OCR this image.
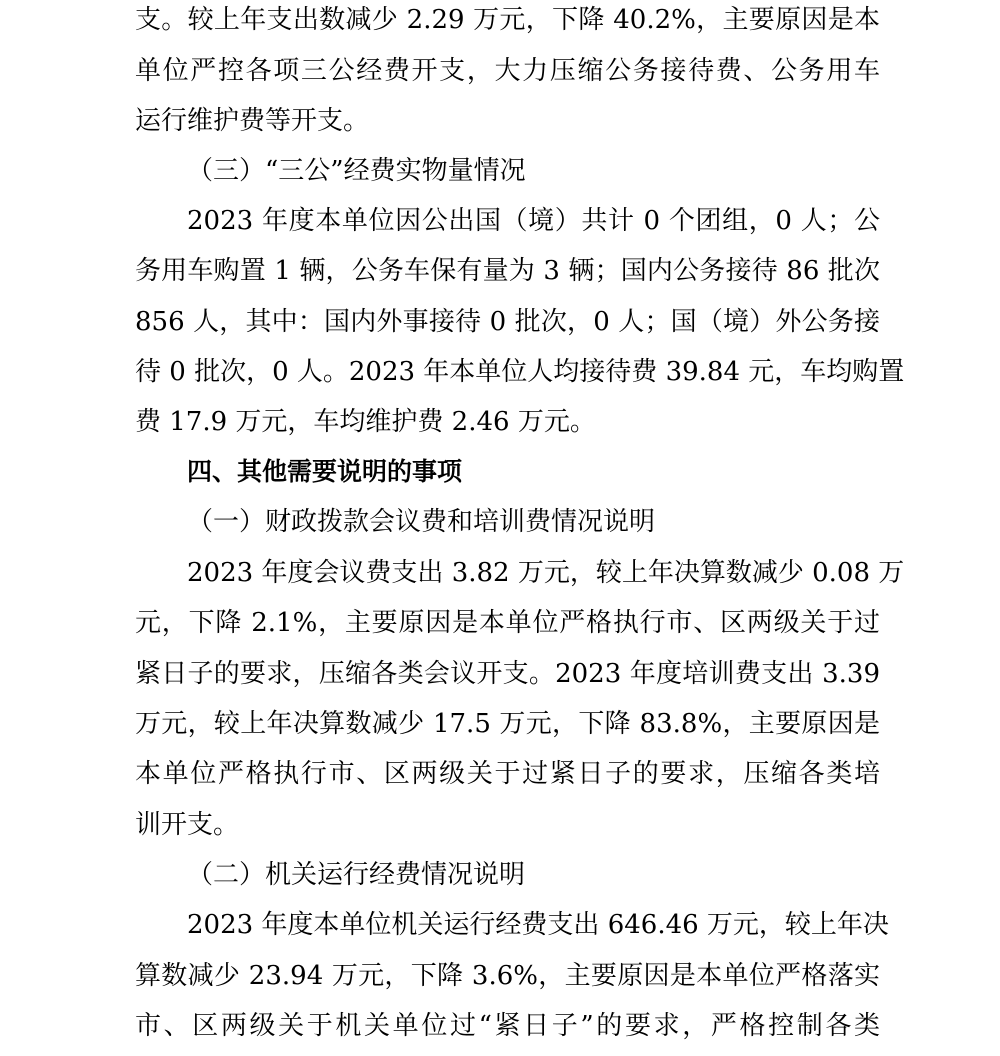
支。较上年支出数减少 2.29 万元，下降 40.2%，主要原因是本
单位严控各项三公经费开支，大力压缩公务接待费、公务用车
运行维护费等开支。
（三）“三公”经费实物量情况
2023 年度本单位因公出国（境）共计 0 个团组，0 人；公
务用车购置 1 辆，公务车保有量为 3 辆；国内公务接待 86 批次
856 人，其中：国内外事接待 0 批次，0 人；国（境）外公务接
待 0 批次，0 人。2023 年本单位人均接待费 39.84 元，车均购置
费 17.9 万元，车均维护费 2.46 万元。
四、其他需要说明的事项
（一）财政拨款会议费和培训费情况说明
2023 年度会议费支出 3.82 万元，较上年决算数减少 0.08 万
元，下降 2.1%，主要原因是本单位严格执行市、区两级关于过
紧日子的要求，压缩各类会议开支。2023 年度培训费支出 3.39
万元，较上年决算数减少 17.5 万元，下降 83.8%，主要原因是
本单位严格执行市、区两级关于过紧日子的要求，压缩各类培
训开支。
（二）机关运行经费情况说明
2023 年度本单位机关运行经费支出 646.46 万元，较上年决
算数减少 23.94 万元，下降 3.6%，主要原因是本单位严格落实
市、区两级关于机关单位过“紧日子”的要求，严格控制各类
